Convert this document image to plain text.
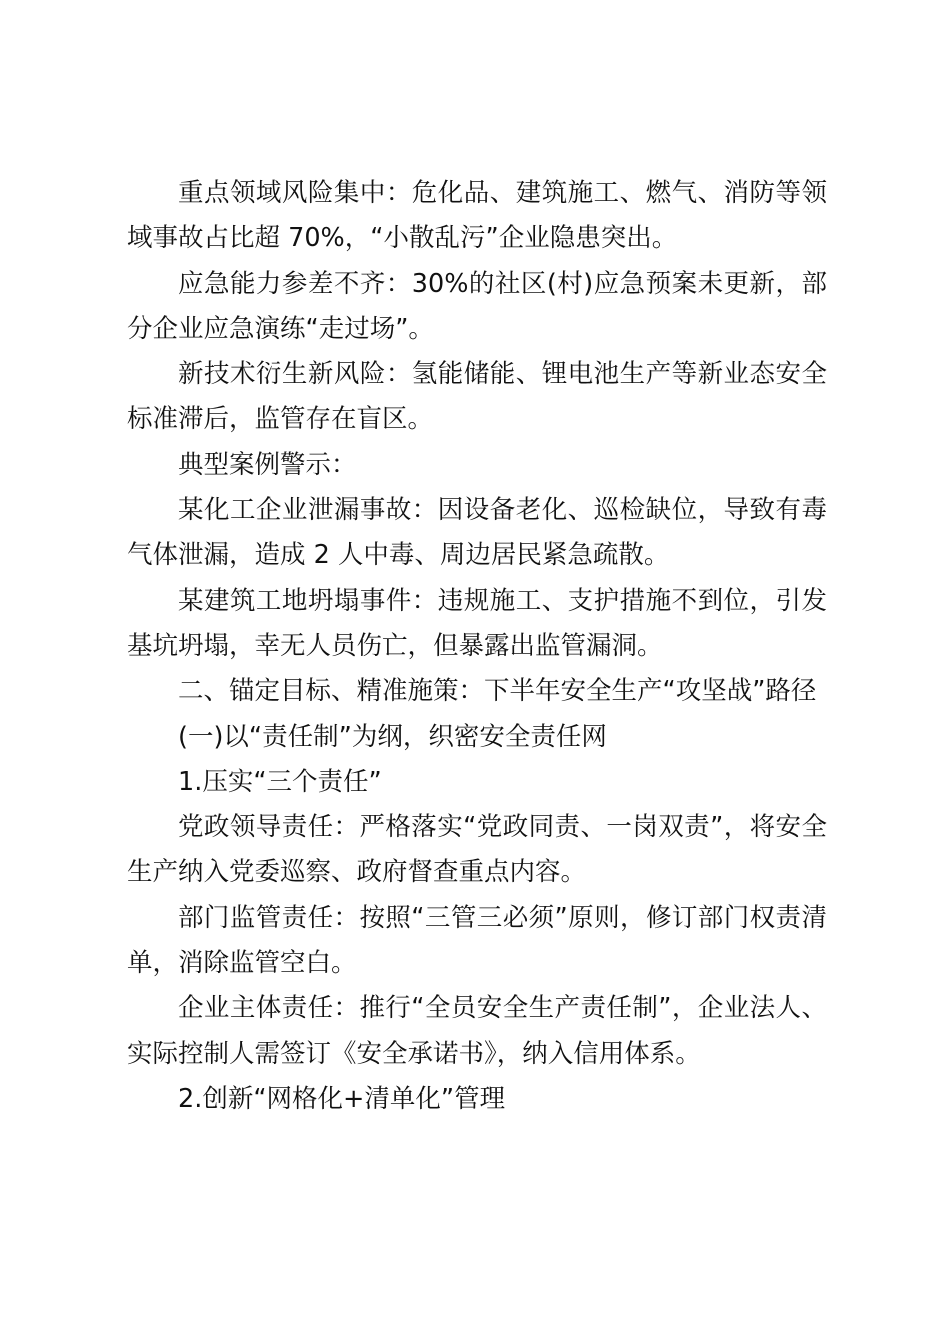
重点领域风险集中：危化品、建筑施工、燃气、消防等领域事故占比超 70%，“小散乱污”企业隐患突出。

应急能力参差不齐：30%的社区(村)应急预案未更新，部分企业应急演练“走过场”。

新技术衍生新风险：氢能储能、锂电池生产等新业态安全标准滞后，监管存在盲区。

典型案例警示：

某化工企业泄漏事故：因设备老化、巡检缺位，导致有毒气体泄漏，造成 2 人中毒、周边居民紧急疏散。

某建筑工地坍塌事件：违规施工、支护措施不到位，引发基坑坍塌，幸无人员伤亡，但暴露出监管漏洞。

二、锚定目标、精准施策：下半年安全生产“攻坚战”路径

(一)以“责任制”为纲，织密安全责任网

1.压实“三个责任”

党政领导责任：严格落实“党政同责、一岗双责”，将安全生产纳入党委巡察、政府督查重点内容。

部门监管责任：按照“三管三必须”原则，修订部门权责清单，消除监管空白。

企业主体责任：推行“全员安全生产责任制”，企业法人、实际控制人需签订《安全承诺书》，纳入信用体系。

2.创新“网格化+清单化”管理
